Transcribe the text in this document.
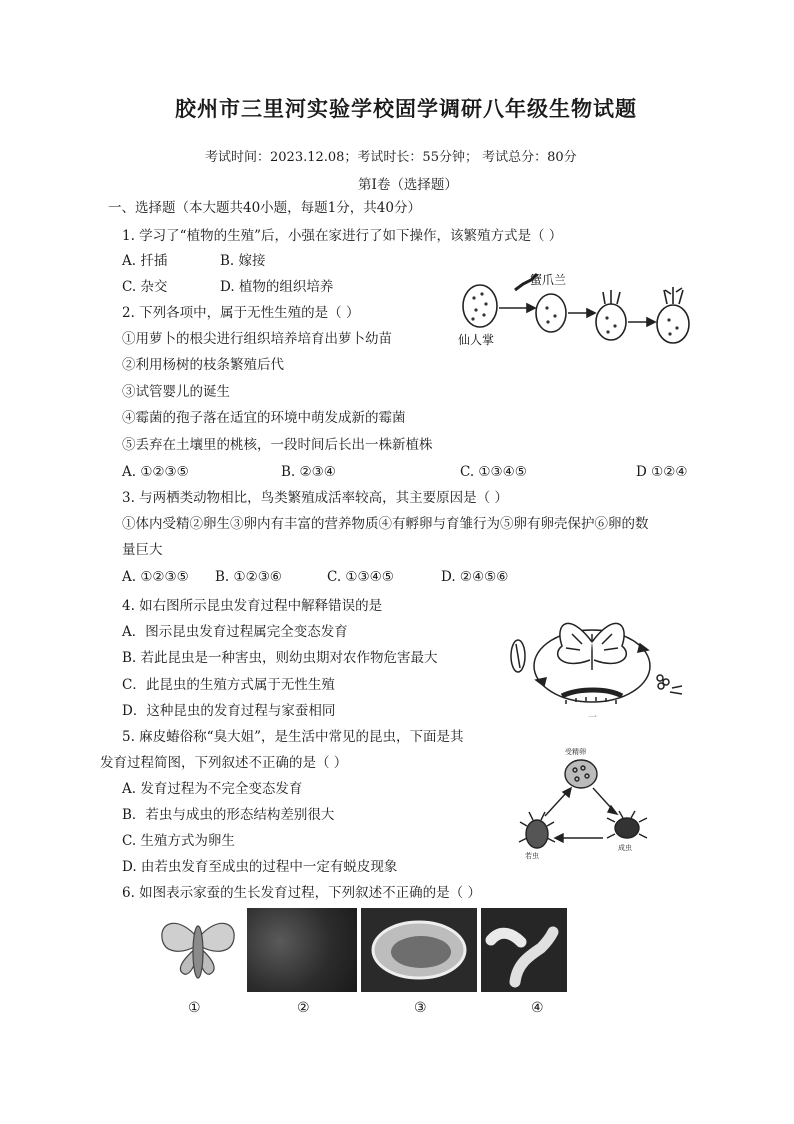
胶州市三里河实验学校固学调研八年级生物试题
考试时间：2023.12.08；考试时长：55分钟； 考试总分：80分
第Ⅰ卷（选择题）
一、选择题（本大题共40小题，每题1分，共40分）
1. 学习了“植物的生殖”后，小强在家进行了如下操作，该繁殖方式是（ ）
A. 扦插	B. 嫁接
C. 杂交	D. 植物的组织培养	蟹爪兰
仙人掌
2. 下列各项中，属于无性生殖的是（ ）
①用萝卜的根尖进行组织培养培育出萝卜幼苗
②利用杨树的枝条繁殖后代
③试管婴儿的诞生
④霉菌的孢子落在适宜的环境中萌发成新的霉菌
⑤丢弃在土壤里的桃核，一段时间后长出一株新植株
A. ①②③⑤	B. ②③④	C. ①③④⑤	D ①②④
3. 与两栖类动物相比，鸟类繁殖成活率较高，其主要原因是（ ）
①体内受精②卵生③卵内有丰富的营养物质④有孵卵与育雏行为⑤卵有卵壳保护⑥卵的数
量巨大
A. ①②③⑤ B. ①②③⑥	C. ①③④⑤	D. ②④⑤⑥
4. 如右图所示昆虫发育过程中解释错误的是
A．图示昆虫发育过程属完全变态发育
B. 若此昆虫是一种害虫，则幼虫期对农作物危害最大
C．此昆虫的生殖方式属于无性生殖
D．这种昆虫的发育过程与家蚕相同	一
5. 麻皮蝽俗称“臭大姐”，是生活中常见的昆虫，下面是其
发育过程简图，下列叙述不正确的是（ ）
A. 发育过程为不完全变态发育
B．若虫与成虫的形态结构差别很大
C. 生殖方式为卵生
D. 由若虫发育至成虫的过程中一定有蜕皮现象
受精卵
若虫
成虫
6. 如图表示家蚕的生长发育过程，下列叙述不正确的是（ ）
①	②	③	④
